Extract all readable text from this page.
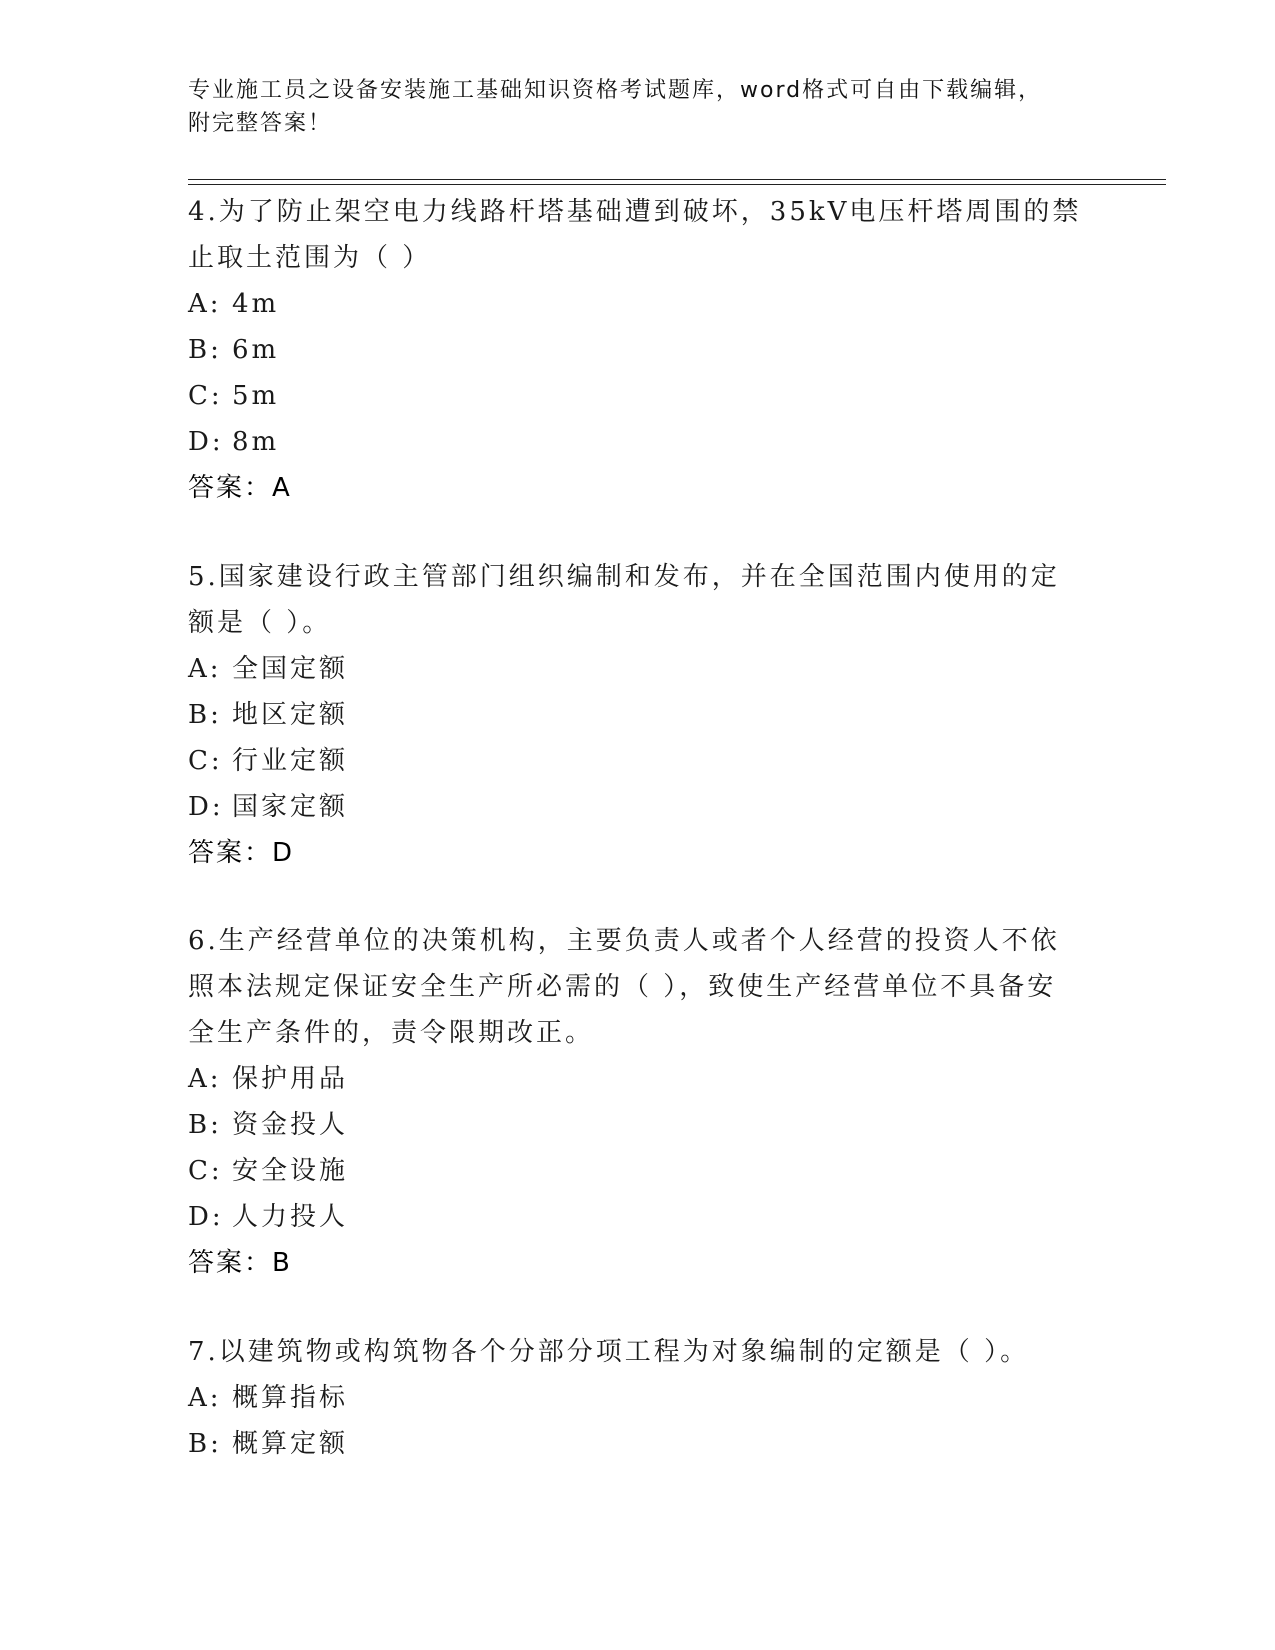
专业施工员之设备安装施工基础知识资格考试题库，word格式可自由下载编辑，
附完整答案！
4.为了防止架空电力线路杆塔基础遭到破坏，35kV电压杆塔周围的禁
止取土范围为（ ）
A: 4m
B: 6m
C: 5m
D: 8m
答案：A
5.国家建设行政主管部门组织编制和发布，并在全国范围内使用的定
额是（ ）。
A: 全国定额
B: 地区定额
C: 行业定额
D: 国家定额
答案：D
6.生产经营单位的决策机构，主要负责人或者个人经营的投资人不依
照本法规定保证安全生产所必需的（ ），致使生产经营单位不具备安
全生产条件的，责令限期改正。
A: 保护用品
B: 资金投人
C: 安全设施
D: 人力投人
答案：B
7.以建筑物或构筑物各个分部分项工程为对象编制的定额是（ ）。
A: 概算指标
B: 概算定额
